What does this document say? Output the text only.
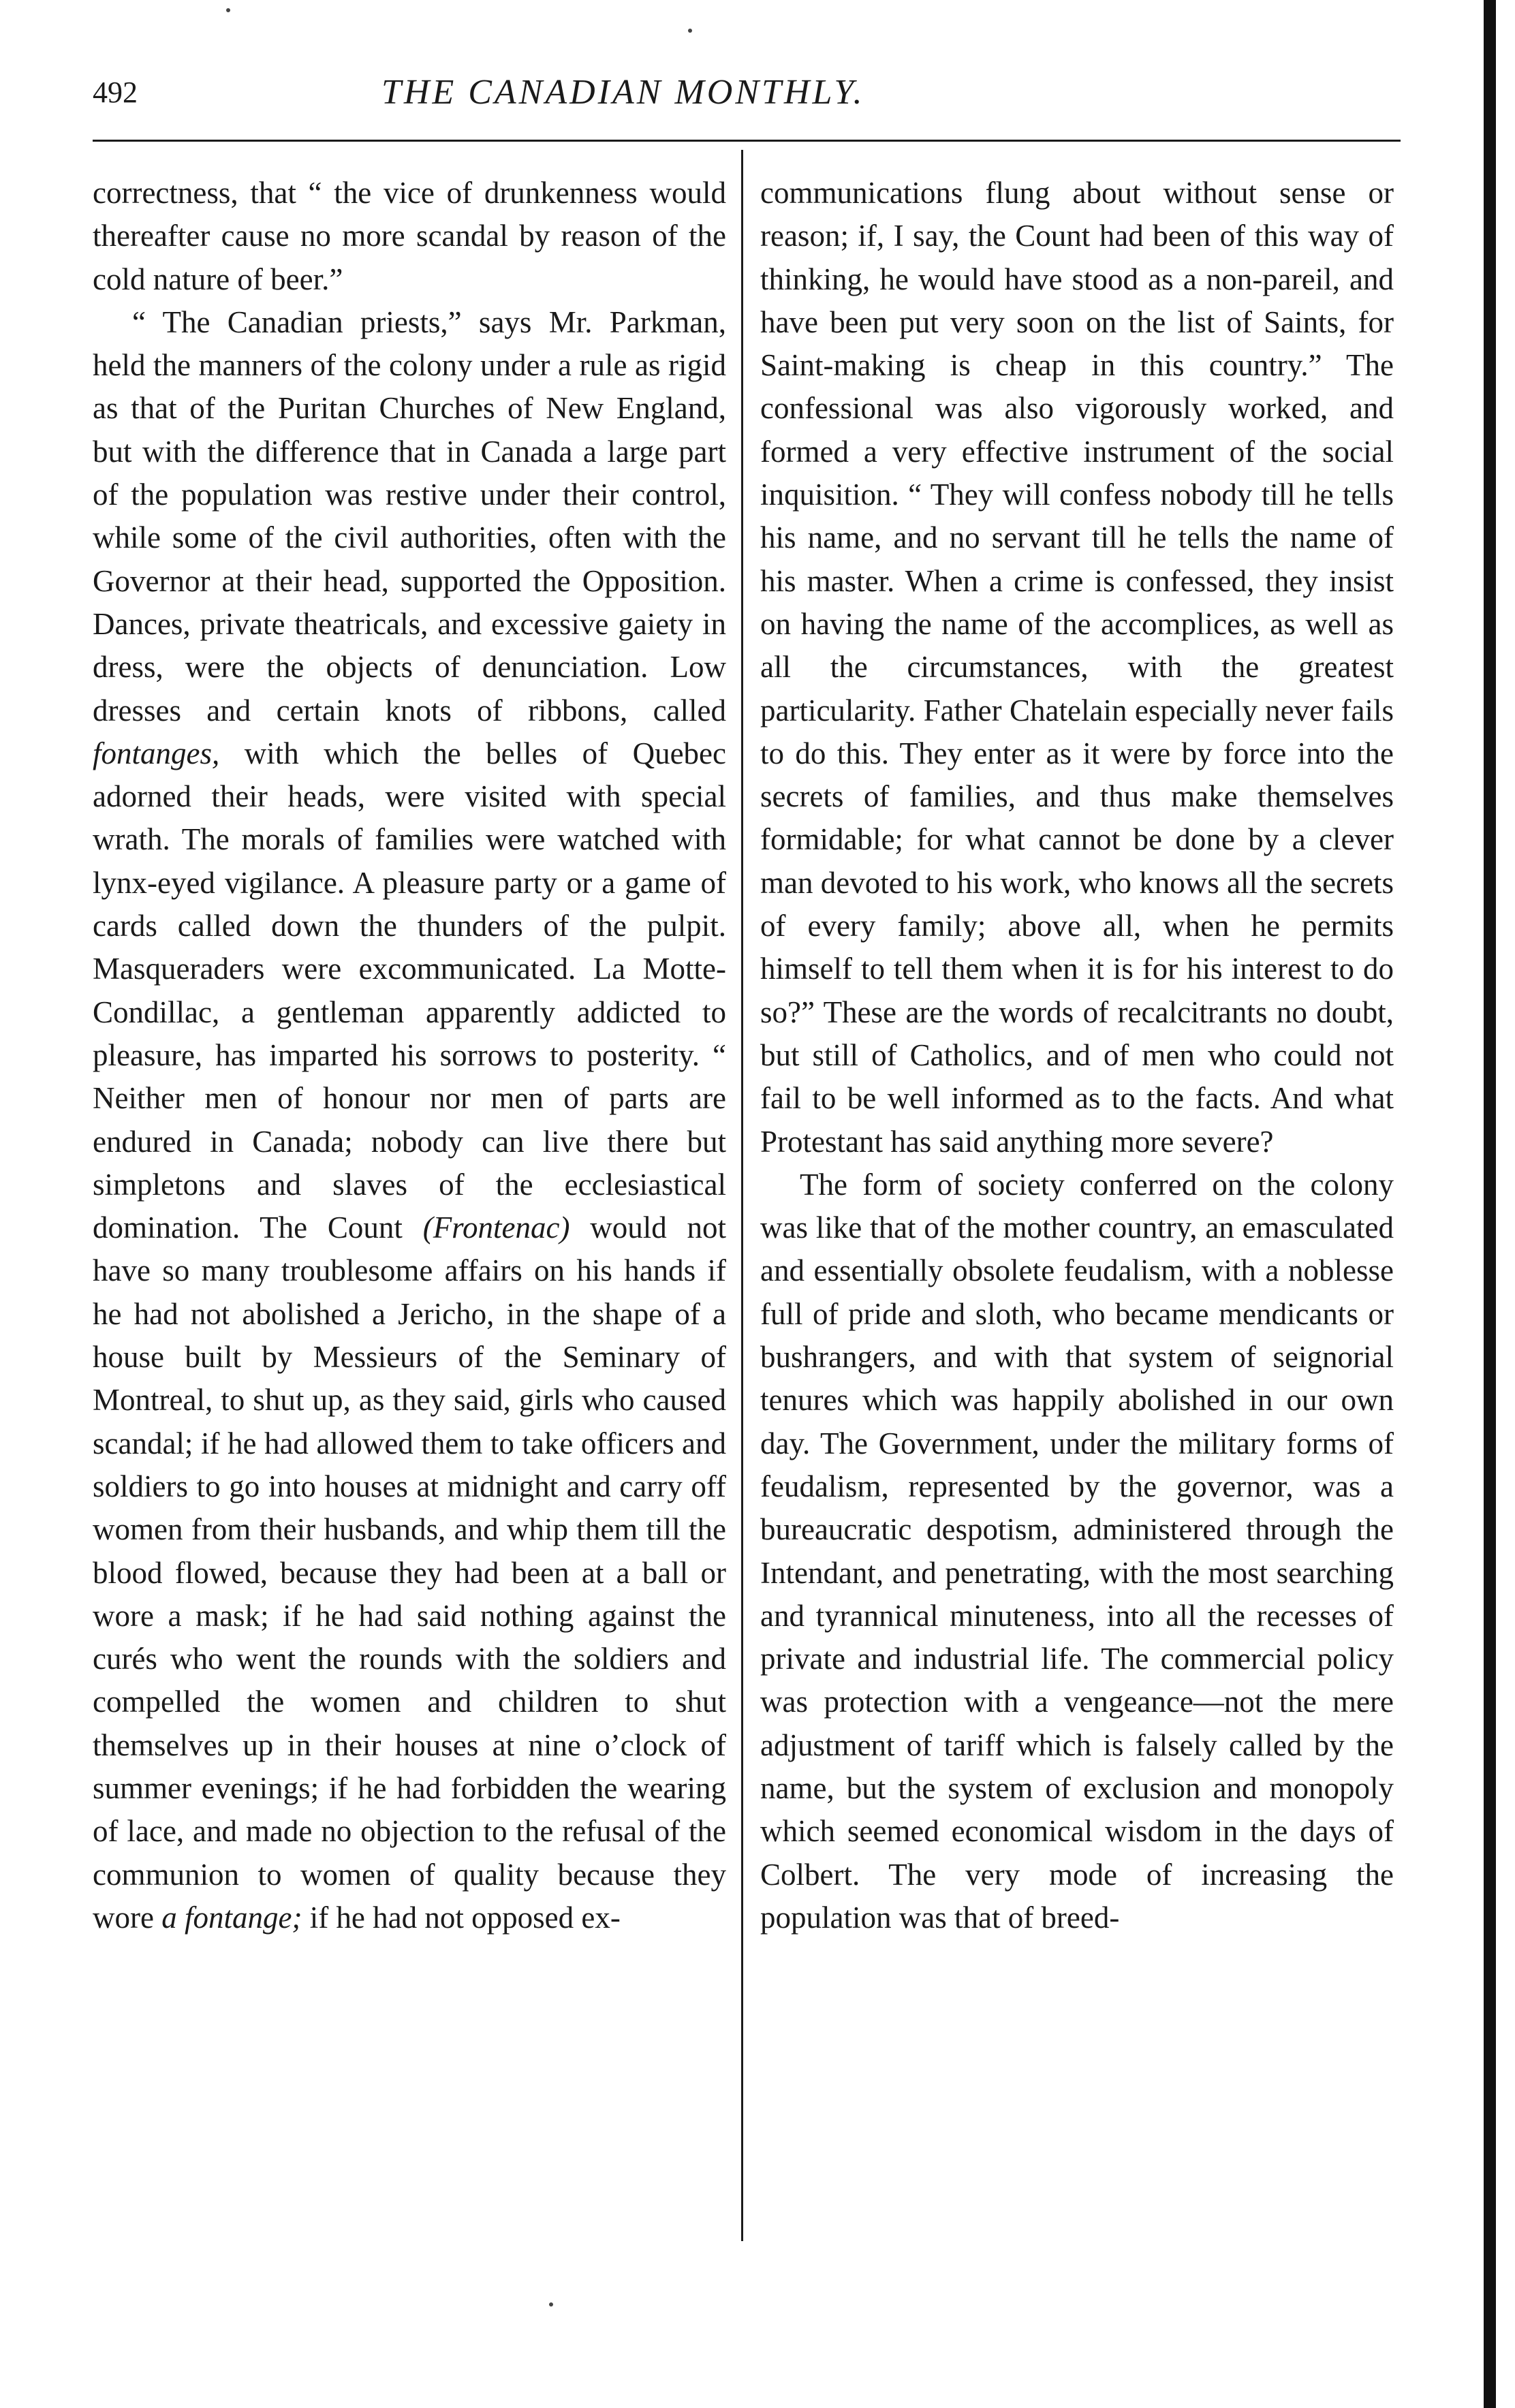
492	THE CANADIAN MONTHLY.

correctness, that “ the vice of drunkenness would thereafter cause no more scandal by reason of the cold nature of beer.”

“ The Canadian priests,” says Mr. Parkman, held the manners of the colony under a rule as rigid as that of the Puritan Churches of New England, but with the difference that in Canada a large part of the population was restive under their control, while some of the civil authorities, often with the Governor at their head, supported the Opposition. Dances, private theatricals, and excessive gaiety in dress, were the objects of denunciation. Low dresses and certain knots of ribbons, called fontanges, with which the belles of Quebec adorned their heads, were visited with special wrath. The morals of families were watched with lynx-eyed vigilance. A pleasure party or a game of cards called down the thunders of the pulpit. Masqueraders were excommunicated. La Motte-Condillac, a gentleman apparently addicted to pleasure, has imparted his sorrows to posterity. “ Neither men of honour nor men of parts are endured in Canada; nobody can live there but simpletons and slaves of the ecclesiastical domination. The Count (Frontenac) would not have so many troublesome affairs on his hands if he had not abolished a Jericho, in the shape of a house built by Messieurs of the Seminary of Montreal, to shut up, as they said, girls who caused scandal; if he had allowed them to take officers and soldiers to go into houses at midnight and carry off women from their husbands, and whip them till the blood flowed, because they had been at a ball or wore a mask; if he had said nothing against the curés who went the rounds with the soldiers and compelled the women and children to shut themselves up in their houses at nine o’clock of summer evenings; if he had forbidden the wearing of lace, and made no objection to the refusal of the communion to women of quality because they wore a fontange; if he had not opposed ex-

communications flung about without sense or reason; if, I say, the Count had been of this way of thinking, he would have stood as a non-pareil, and have been put very soon on the list of Saints, for Saint-making is cheap in this country.” The confessional was also vigorously worked, and formed a very effective instrument of the social inquisition. “ They will confess nobody till he tells his name, and no servant till he tells the name of his master. When a crime is confessed, they insist on having the name of the accomplices, as well as all the circumstances, with the greatest particularity. Father Chatelain especially never fails to do this. They enter as it were by force into the secrets of families, and thus make themselves formidable; for what cannot be done by a clever man devoted to his work, who knows all the secrets of every family; above all, when he permits himself to tell them when it is for his interest to do so?” These are the words of recalcitrants no doubt, but still of Catholics, and of men who could not fail to be well informed as to the facts. And what Protestant has said anything more severe?

The form of society conferred on the colony was like that of the mother country, an emasculated and essentially obsolete feudalism, with a noblesse full of pride and sloth, who became mendicants or bushrangers, and with that system of seignorial tenures which was happily abolished in our own day. The Government, under the military forms of feudalism, represented by the governor, was a bureaucratic despotism, administered through the Intendant, and penetrating, with the most searching and tyrannical minuteness, into all the recesses of private and industrial life. The commercial policy was protection with a vengeance—not the mere adjustment of tariff which is falsely called by the name, but the system of exclusion and monopoly which seemed economical wisdom in the days of Colbert. The very mode of increasing the population was that of breed-
